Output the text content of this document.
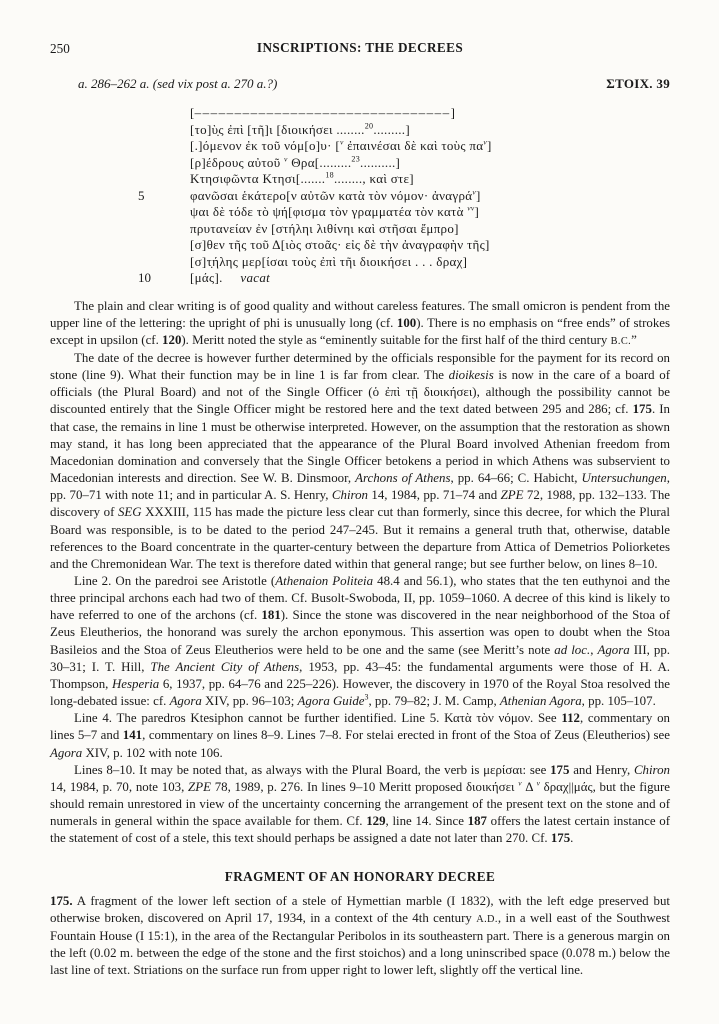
250	INSCRIPTIONS: THE DECREES
a. 286–262 a. (sed vix post a. 270 a.?)	ΣΤΟΙΧ. 39
[––––––––––––––––––––––––––––––––]
[το]ὺ̣ς ἐπὶ [τῆ]ι [διοικήσει ........$^{20}$.........]
[.]όμενον ἐκ τοῦ νόμ[ο]υ· [$^v$ ἐπαινέσαι δὲ καὶ τοὺς $\pi\alpha^v$]
[ρ]έδρους αὐτοῦ $^v$ Θρα[.........$^{23}$..........]
Κτησιφῶντα Κτησι[.......$^{18}$........, καὶ στε]
5	φανῶσαι ἑκάτερο[ν αὐτῶν κατὰ τὸν νόμον· ἀναγρά$^v$]
ψαι δὲ τόδε τὸ ψή[φισμα τὸν γραμματέα τὸν κατὰ $^{vv}$]
πρυτανείαν ἐν [στήληι λιθίνηι καὶ στῆσαι ἔμπρο]
[σ]θεν τῆς τοῦ Δ[ιὸς στοᾶς· εἰς δὲ τὴν ἀναγραφὴν τῆς]
[σ]τ̣ήλης μερ[ίσαι τοὺς ἐπὶ τῆι διοικήσει . . . δραχ]
10	[μάς].     vacat

The plain and clear writing is of good quality and without careless features. The small omicron is pendent from the upper line of the lettering: the upright of phi is unusually long (cf. 100). There is no emphasis on “free ends” of strokes except in upsilon (cf. 120). Meritt noted the style as “eminently suitable for the first half of the third century B.C.”

The date of the decree is however further determined by the officials responsible for the payment for its record on stone (line 9). What their function may be in line 1 is far from clear. The dioikesis is now in the care of a board of officials (the Plural Board) and not of the Single Officer (ὁ ἐπὶ τῇ διοικήσει), although the possibility cannot be discounted entirely that the Single Officer might be restored here and the text dated between 295 and 286; cf. 175. In that case, the remains in line 1 must be otherwise interpreted. However, on the assumption that the restoration as shown may stand, it has long been appreciated that the appearance of the Plural Board involved Athenian freedom from Macedonian domination and conversely that the Single Officer betokens a period in which Athens was subservient to Macedonian interests and direction. See W. B. Dinsmoor, Archons of Athens, pp. 64–66; C. Habicht, Untersuchungen, pp. 70–71 with note 11; and in particular A. S. Henry, Chiron 14, 1984, pp. 71–74 and ZPE 72, 1988, pp. 132–133. The discovery of SEG XXXIII, 115 has made the picture less clear cut than formerly, since this decree, for which the Plural Board was responsible, is to be dated to the period 247–245. But it remains a general truth that, otherwise, datable references to the Board concentrate in the quarter-century between the departure from Attica of Demetrios Poliorketes and the Chremonidean War. The text is therefore dated within that general range; but see further below, on lines 8–10.

Line 2. On the paredroi see Aristotle (Athenaion Politeia 48.4 and 56.1), who states that the ten euthynoi and the three principal archons each had two of them. Cf. Busolt-Swoboda, II, pp. 1059–1060. A decree of this kind is likely to have referred to one of the archons (cf. 181). Since the stone was discovered in the near neighborhood of the Stoa of Zeus Eleutherios, the honorand was surely the archon eponymous. This assertion was open to doubt when the Stoa Basileios and the Stoa of Zeus Eleutherios were held to be one and the same (see Meritt’s note ad loc., Agora III, pp. 30–31; I. T. Hill, The Ancient City of Athens, 1953, pp. 43–45: the fundamental arguments were those of H. A. Thompson, Hesperia 6, 1937, pp. 64–76 and 225–226). However, the discovery in 1970 of the Royal Stoa resolved the long-debated issue: cf. Agora XIV, pp. 96–103; Agora Guide$^3$, pp. 79–82; J. M. Camp, Athenian Agora, pp. 105–107.

Line 4. The paredros Ktesiphon cannot be further identified. Line 5. Κατὰ τὸν νόμον. See 112, commentary on lines 5–7 and 141, commentary on lines 8–9. Lines 7–8. For stelai erected in front of the Stoa of Zeus (Eleutherios) see Agora XIV, p. 102 with note 106.

Lines 8–10. It may be noted that, as always with the Plural Board, the verb is μερίσαι: see 175 and Henry, Chiron 14, 1984, p. 70, note 103, ZPE 78, 1989, p. 276. In lines 9–10 Meritt proposed διοικήσει $^v$ Δ $^v$ δραχ||μάς, but the figure should remain unrestored in view of the uncertainty concerning the arrangement of the present text on the stone and of numerals in general within the space available for them. Cf. 129, line 14. Since 187 offers the latest certain instance of the statement of cost of a stele, this text should perhaps be assigned a date not later than 270. Cf. 175.

FRAGMENT OF AN HONORARY DECREE

175. A fragment of the lower left section of a stele of Hymettian marble (I 1832), with the left edge preserved but otherwise broken, discovered on April 17, 1934, in a context of the 4th century A.D., in a well east of the Southwest Fountain House (I 15:1), in the area of the Rectangular Peribolos in its southeastern part. There is a generous margin on the left (0.02 m. between the edge of the stone and the first stoichos) and a long uninscribed space (0.078 m.) below the last line of text. Striations on the surface run from upper right to lower left, slightly off the vertical line.
